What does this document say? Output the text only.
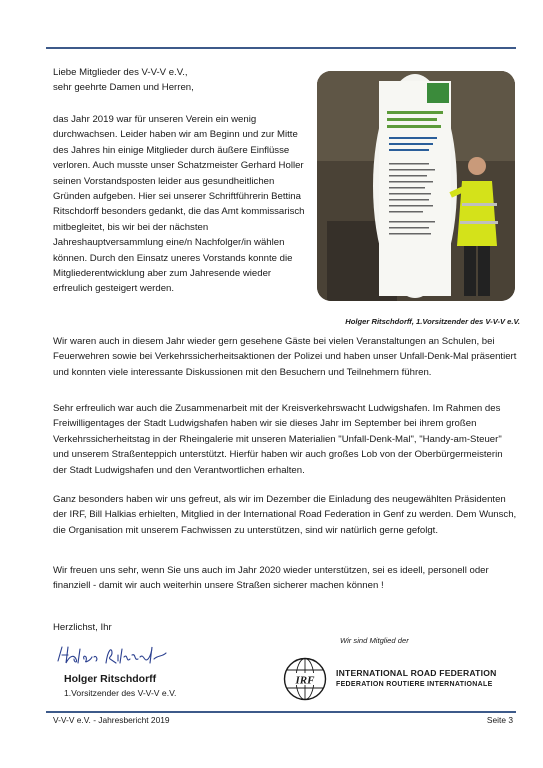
Liebe Mitglieder des V-V-V e.V.,
sehr geehrte Damen und Herren,

das Jahr 2019 war für unseren Verein ein wenig durchwachsen. Leider haben wir am Beginn und zur Mitte des Jahres hin einige Mitglieder durch äußere Einflüsse verloren. Auch musste unser Schatzmeister Gerhard Holler seinen Vorstandsposten leider aus gesundheitlichen Gründen aufgeben. Hier sei unserer Schriftführerin Bettina Ritschdorff besonders gedankt, die das Amt kommissarisch mitbegleitet, bis wir bei der nächsten Jahreshauptversammlung eine/n Nachfolger/in wählen können. Durch den Einsatz uneres Vorstands konnte die Mitgliederentwicklung aber zum Jahresende wieder erfreulich gesteigert werden.

Holger Ritschdorff, 1.Vorsitzender des V-V-V e.V.

Wir waren auch in diesem Jahr wieder gern gesehene Gäste bei vielen Veranstaltungen an Schulen, bei Feuerwehren sowie bei Verkehrssicherheitsaktionen der Polizei und haben unser Unfall-Denk-Mal präsentiert und konnten viele interessante Diskussionen mit den Besuchern und Teilnehmern führen.

Sehr erfreulich war auch die Zusammenarbeit mit der Kreisverkehrswacht Ludwigshafen. Im Rahmen des Freiwilligentages der Stadt Ludwigshafen haben wir sie dieses Jahr im September bei ihrem großen Verkehrssicherheitstag in der Rheingalerie mit unseren Materialien "Unfall-Denk-Mal", "Handy-am-Steuer" und unserem Straßenteppich unterstützt. Hierfür haben wir auch großes Lob von der Oberbürgermeisterin der Stadt Ludwigshafen und den Verantwortlichen erhalten.

Ganz besonders haben wir uns gefreut, als wir im Dezember die Einladung des neugewählten Präsidenten der IRF, Bill Halkias erhielten, Mitglied in der International Road Federation in Genf zu werden. Dem Wunsch, die Organisation mit unserem Fachwissen zu unterstützen, sind wir natürlich gerne gefolgt.

Wir freuen uns sehr, wenn Sie uns auch im Jahr 2020 wieder unterstützen, sei es ideell, personell oder finanziell - damit wir auch weiterhin unsere Straßen sicherer machen können !

Herzlichst, Ihr
Holger Ritschdorff
1.Vorsitzender des V-V-V e.V.
Wir sind Mitglied der
IRF
INTERNATIONAL ROAD FEDERATION
FEDERATION ROUTIERE INTERNATIONALE
V-V-V e.V. - Jahresbericht 2019	Seite 3
